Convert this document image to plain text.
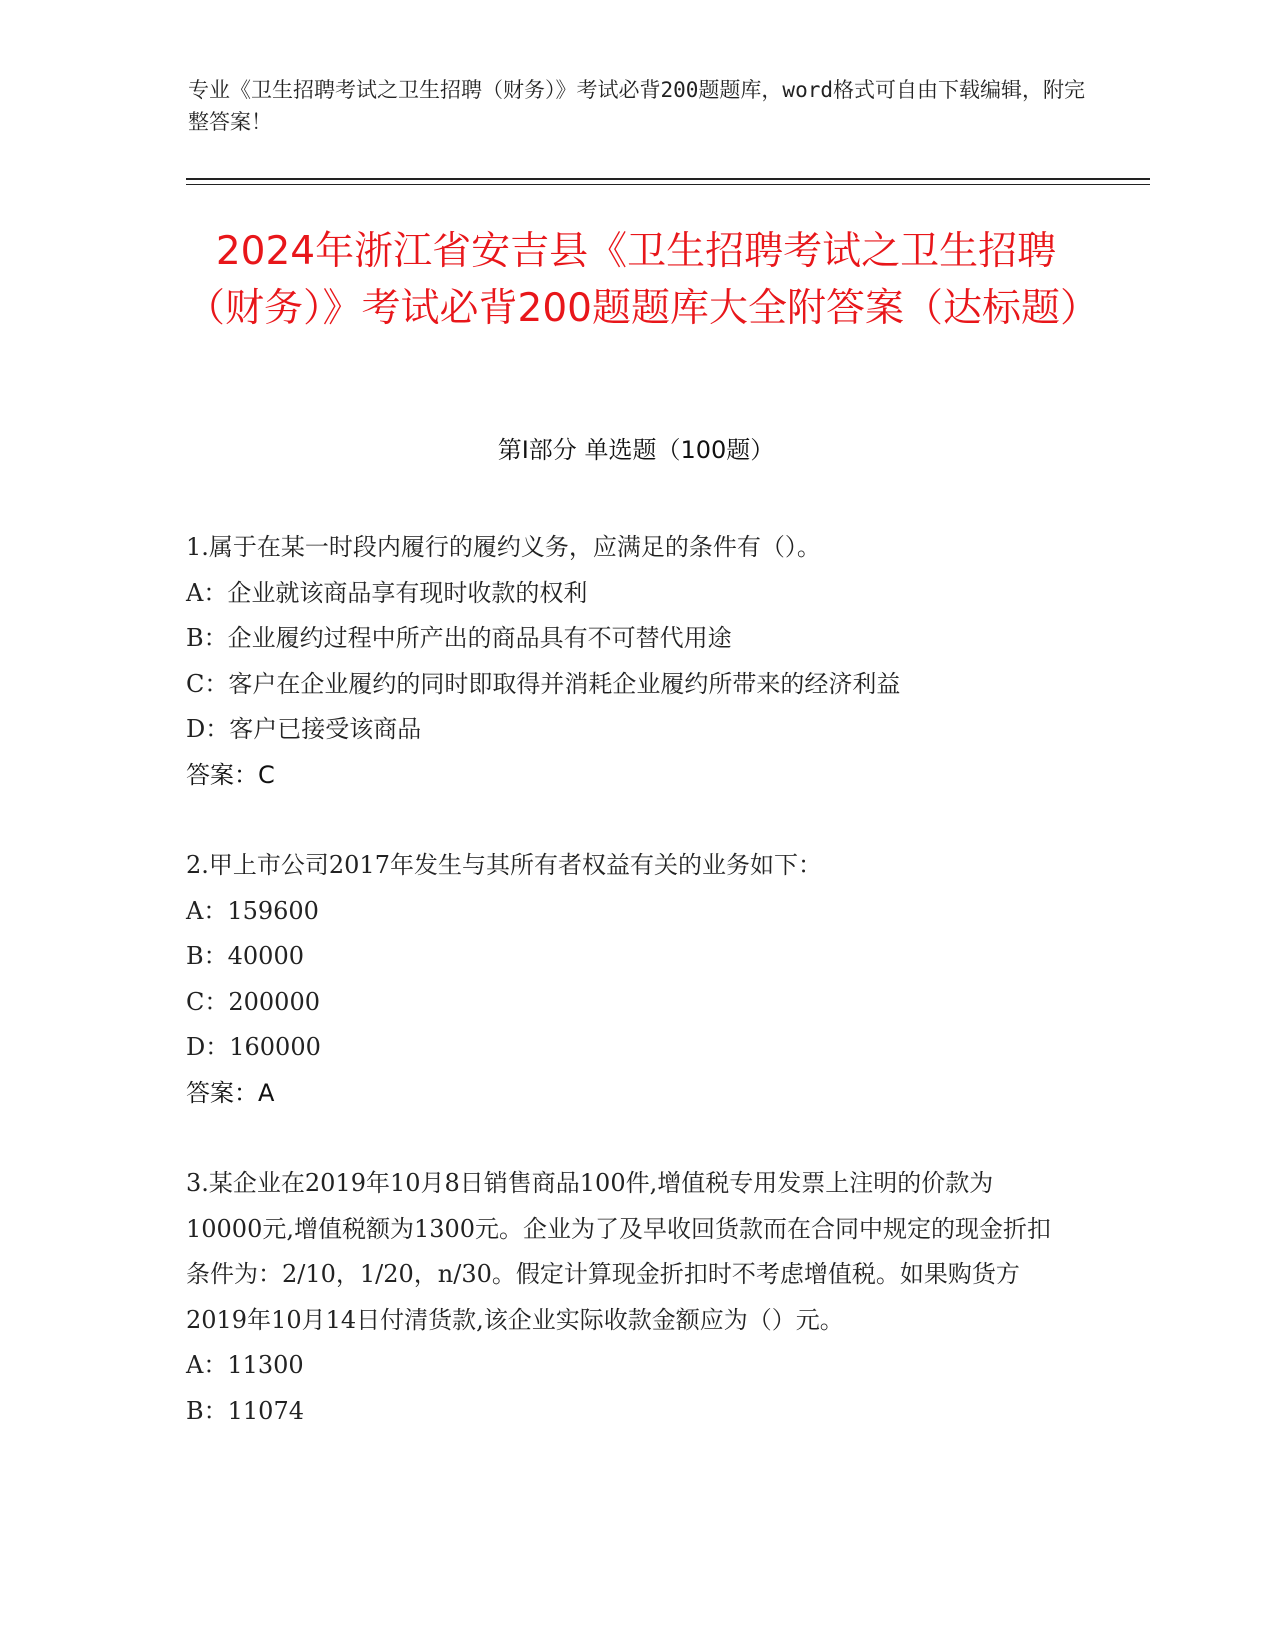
专业《卫生招聘考试之卫生招聘（财务）》考试必背200题题库，word格式可自由下载编辑，附完整答案！
2024年浙江省安吉县《卫生招聘考试之卫生招聘（财务）》考试必背200题题库大全附答案（达标题）
第Ⅰ部分 单选题（100题）

1.属于在某一时段内履行的履约义务，应满足的条件有（）。

A：企业就该商品享有现时收款的权利

B：企业履约过程中所产出的商品具有不可替代用途

C：客户在企业履约的同时即取得并消耗企业履约所带来的经济利益

D：客户已接受该商品

答案：C

2.甲上市公司2017年发生与其所有者权益有关的业务如下：

A：159600

B：40000

C：200000

D：160000

答案：A

3.某企业在2019年10月8日销售商品100件,增值税专用发票上注明的价款为10000元,增值税额为1300元。企业为了及早收回货款而在合同中规定的现金折扣条件为：2/10，1/20，n/30。假定计算现金折扣时不考虑增值税。如果购货方2019年10月14日付清货款,该企业实际收款金额应为（）元。

A：11300

B：11074
